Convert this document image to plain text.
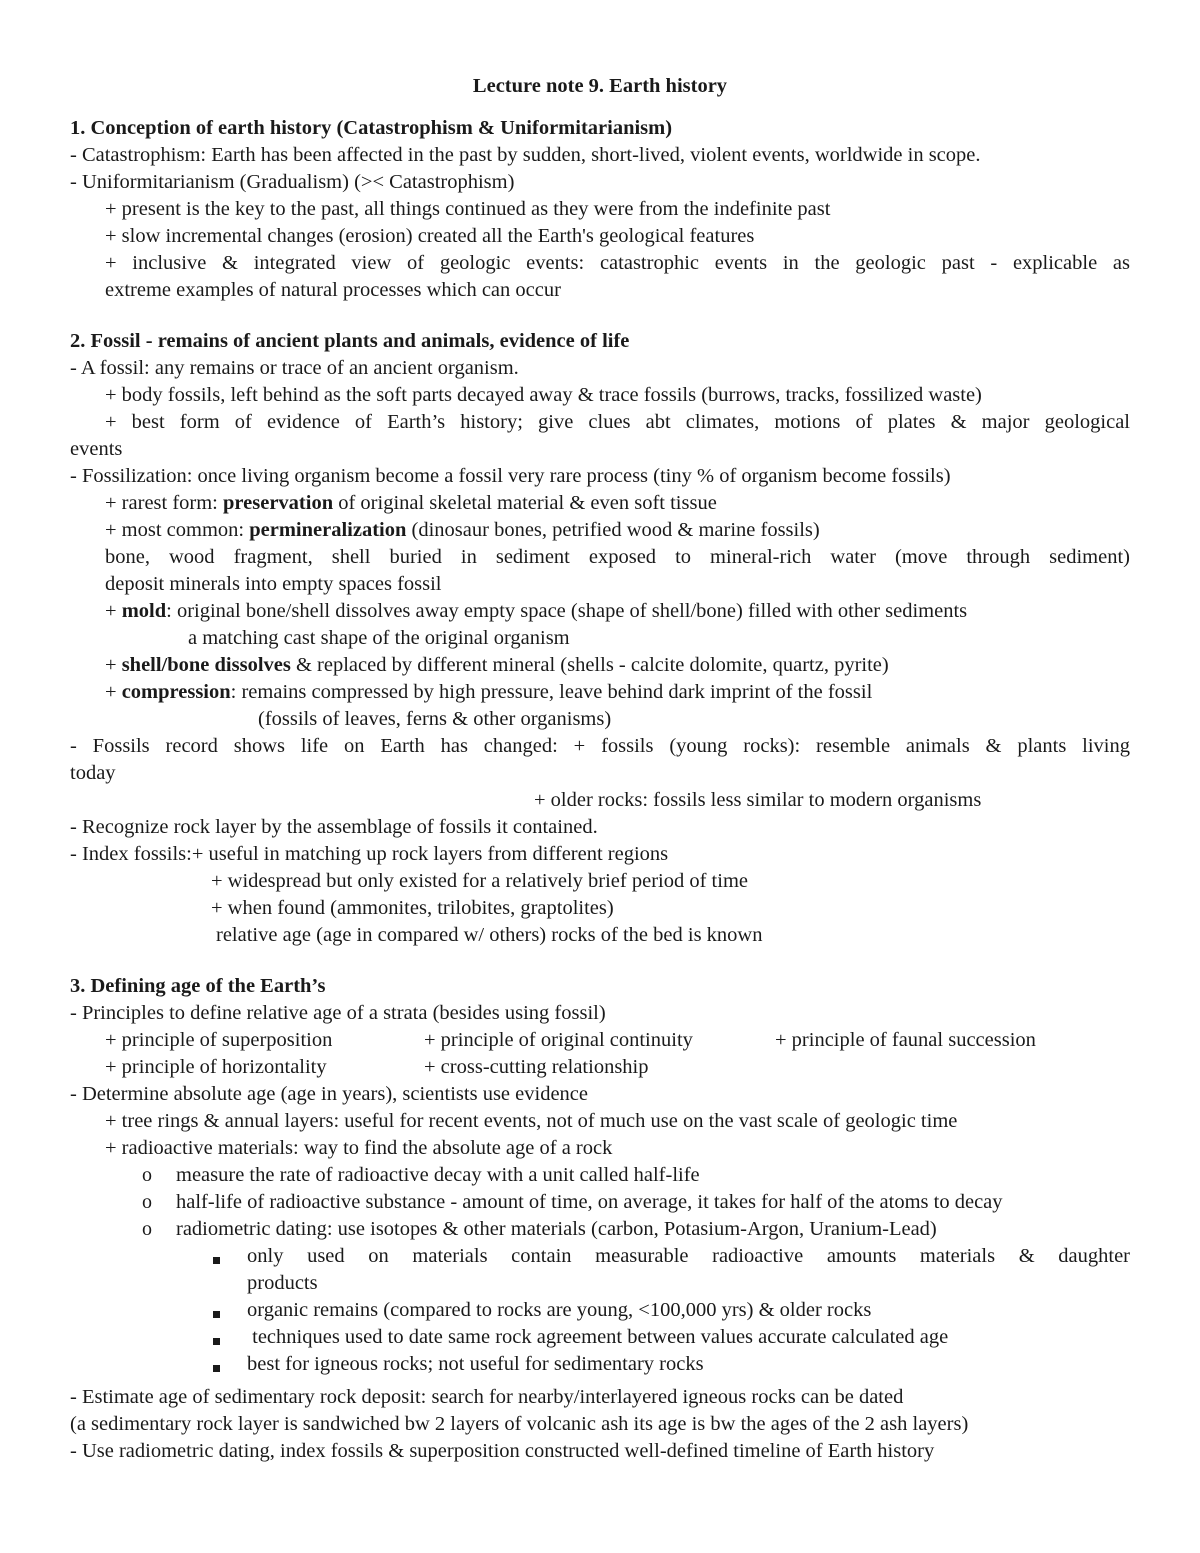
Lecture note 9. Earth history
1. Conception of earth history (Catastrophism & Uniformitarianism)
- Catastrophism: Earth has been affected in the past by sudden, short-lived, violent events, worldwide in scope.
- Uniformitarianism (Gradualism) (>< Catastrophism)
+ present is the key to the past, all things continued as they were from the indefinite past
+ slow incremental changes (erosion) created all the Earth's geological features
+ inclusive & integrated view of geologic events: catastrophic events in the geologic past - explicable as
extreme examples of natural processes which can occur
2. Fossil - remains of ancient plants and animals, evidence of life
- A fossil: any remains or trace of an ancient organism.
+ body fossils, left behind as the soft parts decayed away & trace fossils (burrows, tracks, fossilized waste)
+ best form of evidence of Earth’s history; give clues abt climates, motions of plates & major geological
events
- Fossilization: once living organism become a fossil very rare process (tiny % of organism become fossils)
+ rarest form: preservation of original skeletal material & even soft tissue
+ most common: permineralization (dinosaur bones, petrified wood & marine fossils)
bone, wood fragment, shell buried in sediment exposed to mineral-rich water (move through sediment)
deposit minerals into empty spaces fossil
+ mold: original bone/shell dissolves away empty space (shape of shell/bone) filled with other sediments
a matching cast shape of the original organism
+ shell/bone dissolves & replaced by different mineral (shells - calcite dolomite, quartz, pyrite)
+ compression: remains compressed by high pressure, leave behind dark imprint of the fossil
(fossils of leaves, ferns & other organisms)
- Fossils record shows life on Earth has changed: + fossils (young rocks): resemble animals & plants living
today
+ older rocks: fossils less similar to modern organisms
- Recognize rock layer by the assemblage of fossils it contained.
- Index fossils:+ useful in matching up rock layers from different regions
+ widespread but only existed for a relatively brief period of time
+ when found (ammonites, trilobites, graptolites)
relative age (age in compared w/ others) rocks of the bed is known
3. Defining age of the Earth’s
- Principles to define relative age of a strata (besides using fossil)
+ principle of superposition	+ principle of original continuity	+ principle of faunal succession
+ principle of horizontality	+ cross-cutting relationship
- Determine absolute age (age in years), scientists use evidence
+ tree rings & annual layers: useful for recent events, not of much use on the vast scale of geologic time
+ radioactive materials: way to find the absolute age of a rock
o measure the rate of radioactive decay with a unit called half-life
o half-life of radioactive substance - amount of time, on average, it takes for half of the atoms to decay
o radiometric dating: use isotopes & other materials (carbon, Potasium-Argon, Uranium-Lead)
only used on materials contain measurable radioactive amounts materials & daughter
products
organic remains (compared to rocks are young, <100,000 yrs) & older rocks
techniques used to date same rock agreement between values accurate calculated age
best for igneous rocks; not useful for sedimentary rocks
- Estimate age of sedimentary rock deposit: search for nearby/interlayered igneous rocks can be dated
(a sedimentary rock layer is sandwiched bw 2 layers of volcanic ash its age is bw the ages of the 2 ash layers)
- Use radiometric dating, index fossils & superposition constructed well-defined timeline of Earth history
